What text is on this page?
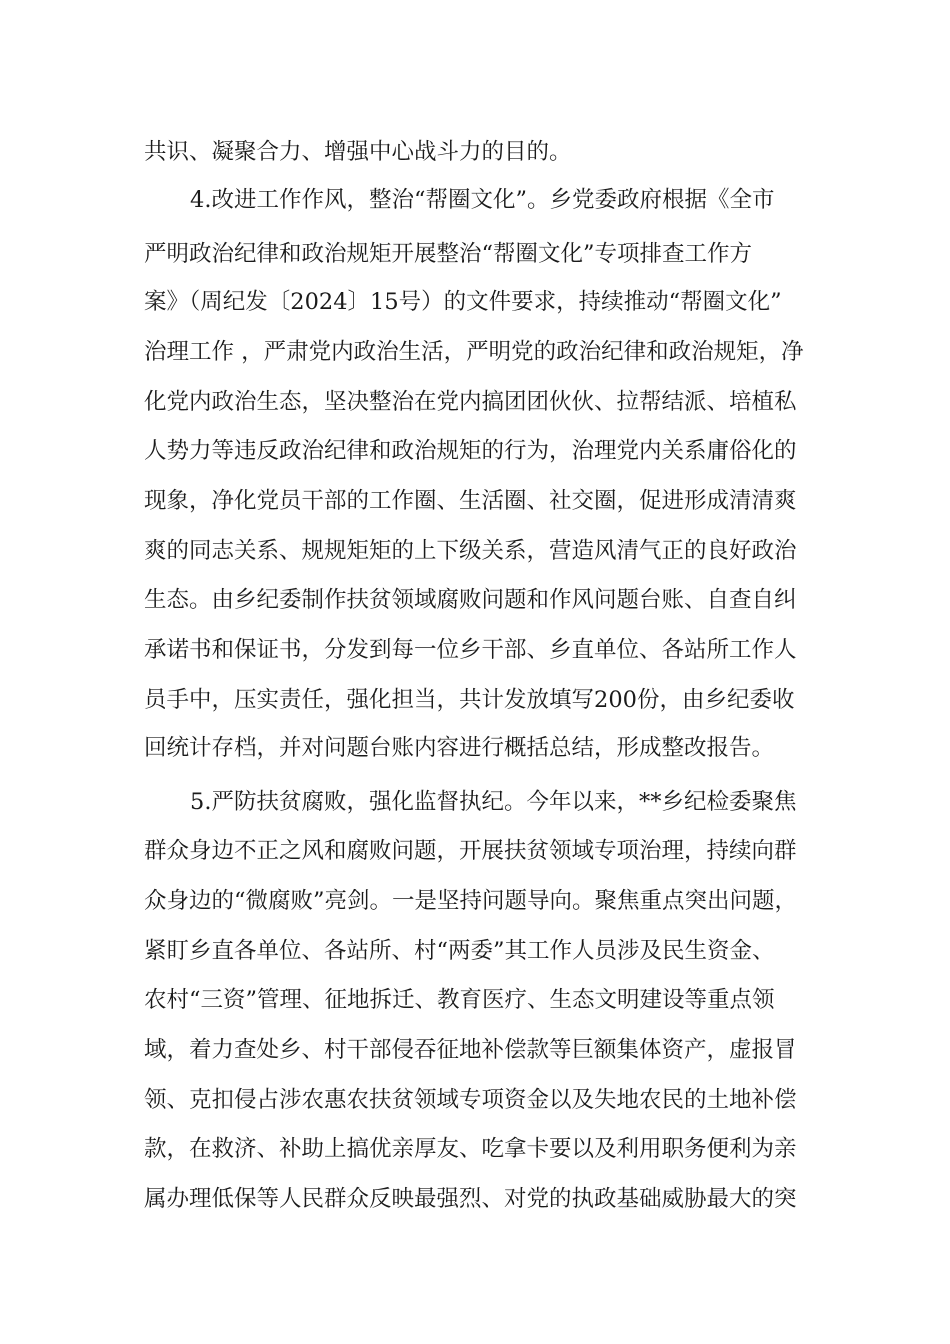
共识、凝聚合力、增强中心战斗力的目的。

4.改进工作作风，整治“帮圈文化”。乡党委政府根据《全市

严明政治纪律和政治规矩开展整治“帮圈文化”专项排查工作方

案》（周纪发〔2024〕15号）的文件要求，持续推动“帮圈文化”

治理工作 ，严肃党内政治生活，严明党的政治纪律和政治规矩，净

化党内政治生态，坚决整治在党内搞团团伙伙、拉帮结派、培植私

人势力等违反政治纪律和政治规矩的行为，治理党内关系庸俗化的

现象，净化党员干部的工作圈、生活圈、社交圈，促进形成清清爽

爽的同志关系、规规矩矩的上下级关系，营造风清气正的良好政治

生态。由乡纪委制作扶贫领域腐败问题和作风问题台账、自查自纠

承诺书和保证书，分发到每一位乡干部、乡直单位、各站所工作人

员手中，压实责任，强化担当，共计发放填写200份，由乡纪委收

回统计存档，并对问题台账内容进行概括总结，形成整改报告。

5.严防扶贫腐败，强化监督执纪。今年以来，**乡纪检委聚焦

群众身边不正之风和腐败问题，开展扶贫领域专项治理，持续向群

众身边的“微腐败”亮剑。一是坚持问题导向。聚焦重点突出问题，

紧盯乡直各单位、各站所、村“两委”其工作人员涉及民生资金、

农村“三资”管理、征地拆迁、教育医疗、生态文明建设等重点领

域，着力查处乡、村干部侵吞征地补偿款等巨额集体资产，虚报冒

领、克扣侵占涉农惠农扶贫领域专项资金以及失地农民的土地补偿

款，在救济、补助上搞优亲厚友、吃拿卡要以及利用职务便利为亲

属办理低保等人民群众反映最强烈、对党的执政基础威胁最大的突
